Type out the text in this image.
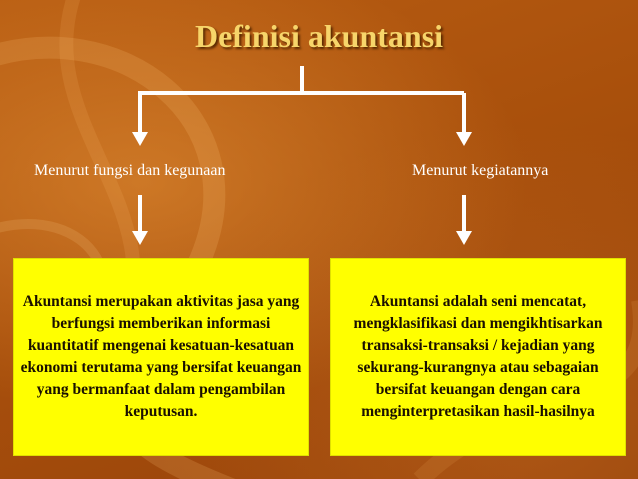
Definisi akuntansi
Menurut fungsi dan kegunaan	Menurut kegiatannya

Akuntansi merupakan aktivitas jasa yang berfungsi memberikan informasi kuantitatif mengenai kesatuan-kesatuan ekonomi terutama yang bersifat keuangan yang bermanfaat dalam pengambilan keputusan.

Akuntansi adalah seni mencatat, mengklasifikasi dan mengikhtisarkan transaksi-transaksi / kejadian yang sekurang-kurangnya atau sebagaian bersifat keuangan dengan cara menginterpretasikan hasil-hasilnya
